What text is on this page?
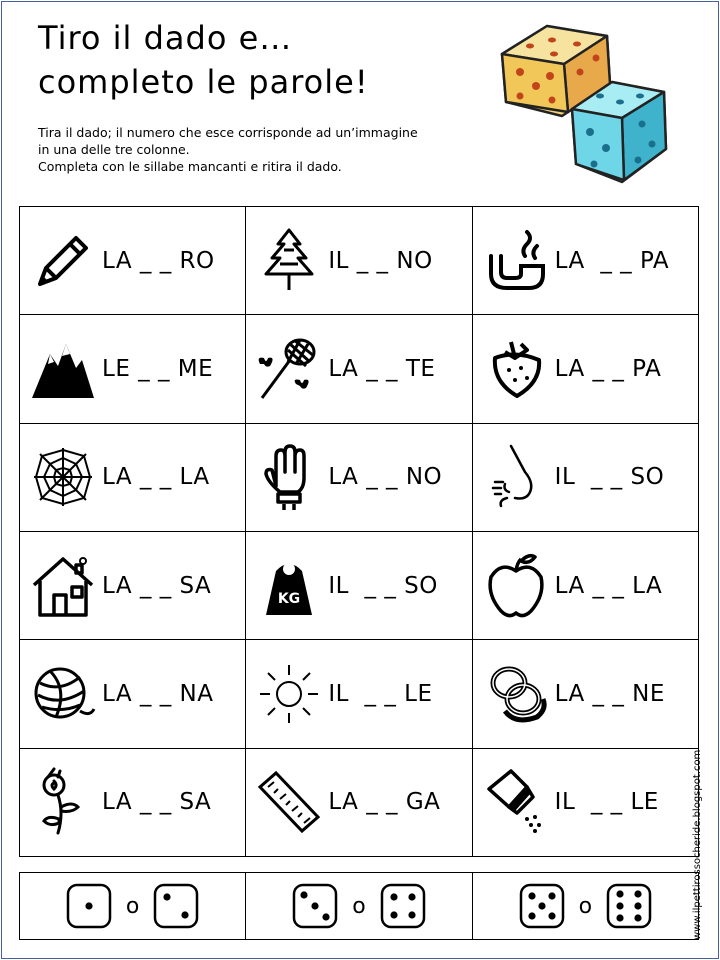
Tiro il dado e…
completo le parole!

Tira il dado; il numero che esce corrisponde ad un’immagine
in una delle tre colonne.
Completa con le sillabe mancanti e ritira il dado.

LA _ _ RO	IL _ _ NO	LA  _ _ PA

LE _ _ ME	LA _ _ TE	LA _ _ PA

LA _ _ LA	LA _ _ NO	IL  _ _ SO

LA _ _ SA	KG IL  _ _ SO	LA _ _ LA

LA _ _ NA	IL  _ _ LE	LA _ _ NE

LA _ _ SA	LA _ _ GA	IL  _ _ LE
o	o	o	www.ilpettirossocheride.blogspot.com
